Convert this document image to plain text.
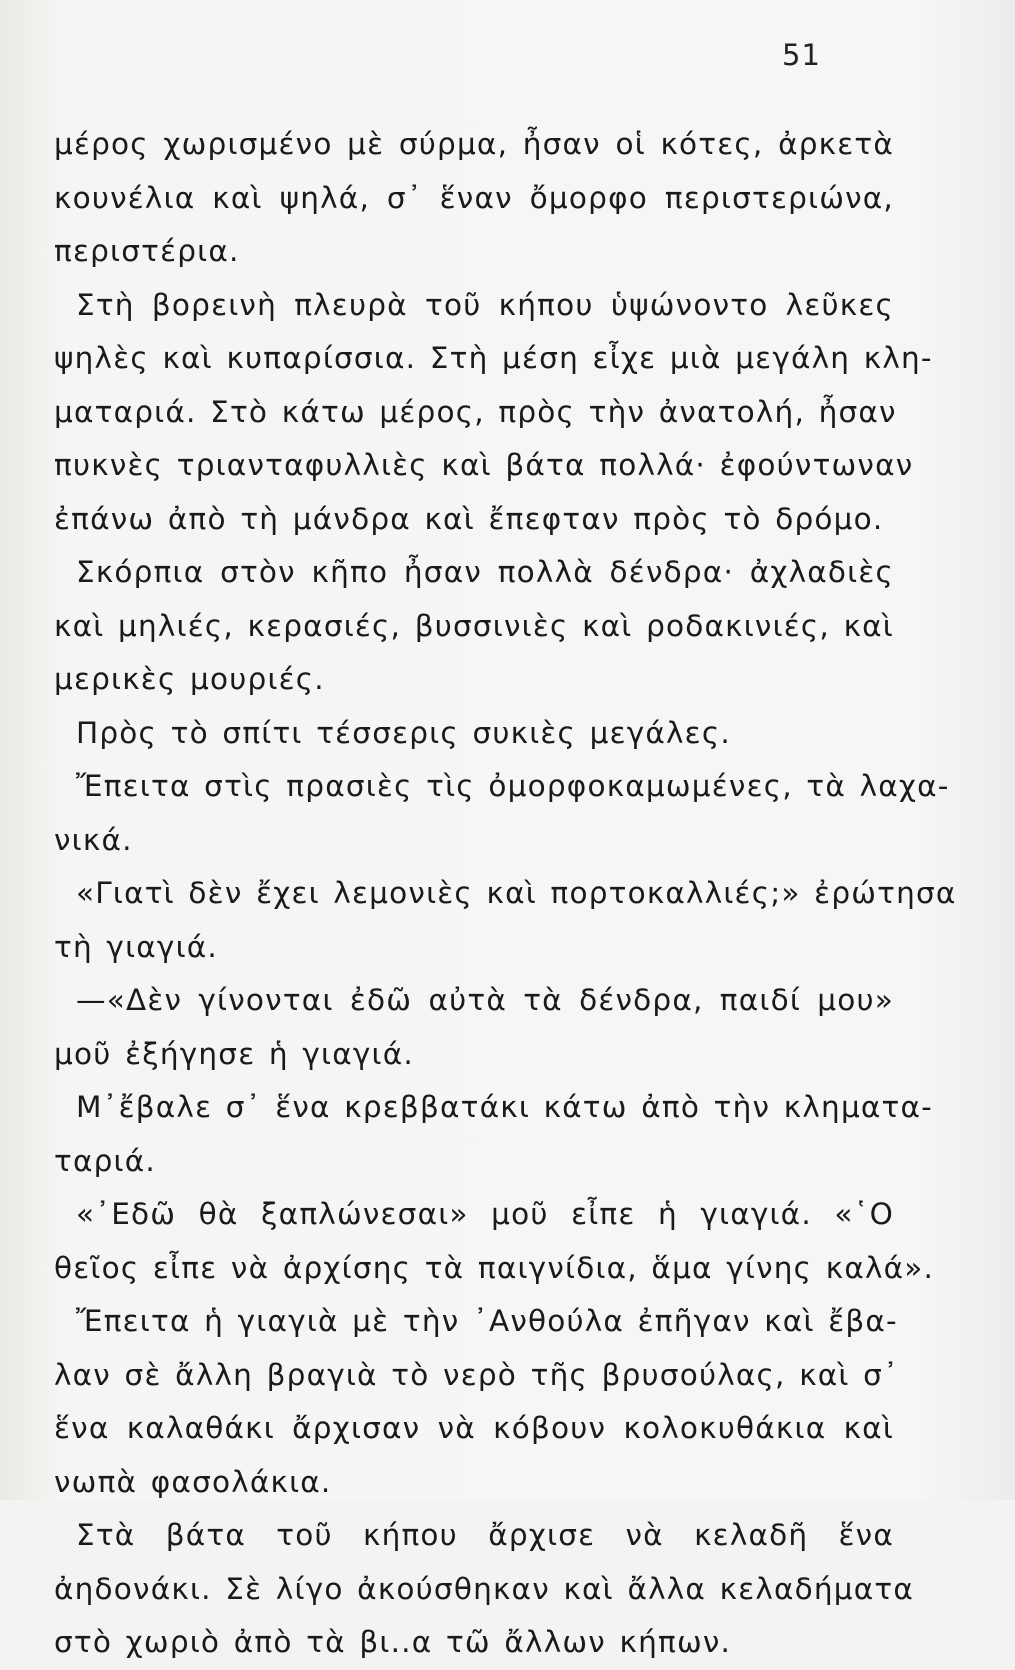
51
μέρος χωρισμένο μὲ σύρμα, ἦσαν οἱ κότες, ἀρκετὰ
κουνέλια καὶ ψηλά, σ᾿ ἕναν ὄμορφο περιστεριώνα,
περιστέρια.
Στὴ βορεινὴ πλευρὰ τοῦ κήπου ὑψώνοντο λεῦκες
ψηλὲς καὶ κυπαρίσσια. Στὴ μέση εἶχε μιὰ μεγάλη κλη-
ματαριά. Στὸ κάτω μέρος, πρὸς τὴν ἀνατολή, ἦσαν
πυκνὲς τριανταφυλλιὲς καὶ βάτα πολλά· ἐφούντωναν
ἐπάνω ἀπὸ τὴ μάνδρα καὶ ἔπεφταν πρὸς τὸ δρόμο.
Σκόρπια στὸν κῆπο ἦσαν πολλὰ δένδρα· ἀχλαδιὲς
καὶ μηλιές, κερασιές, βυσσινιὲς καὶ ροδακινιές, καὶ
μερικὲς μουριές.
Πρὸς τὸ σπίτι τέσσερις συκιὲς μεγάλες.
Ἔπειτα στὶς πρασιὲς τὶς ὀμορφοκαμωμένες, τὰ λαχα-
νικά.
«Γιατὶ δὲν ἔχει λεμονιὲς καὶ πορτοκαλλιές;» ἐρώτησα
τὴ γιαγιά.
—«Δὲν γίνονται ἐδῶ αὐτὰ τὰ δένδρα, παιδί μου»
μοῦ ἐξήγησε ἡ γιαγιά.
Μ᾿ἔβαλε σ᾿ ἕνα κρεββατάκι κάτω ἀπὸ τὴν κληματα-
ταριά.
«᾿Εδῶ θὰ ξαπλώνεσαι» μοῦ εἶπε ἡ γιαγιά. «῾Ο
θεῖος εἶπε νὰ ἀρχίσης τὰ παιγνίδια, ἅμα γίνης καλά».
Ἔπειτα ἡ γιαγιὰ μὲ τὴν ᾿Ανθούλα ἐπῆγαν καὶ ἔβα-
λαν σὲ ἄλλη βραγιὰ τὸ νερὸ τῆς βρυσούλας, καὶ σ᾿
ἕνα καλαθάκι ἄρχισαν νὰ κόβουν κολοκυθάκια καὶ
νωπὰ φασολάκια.
Στὰ βάτα τοῦ κήπου ἄρχισε νὰ κελαδῆ ἕνα
ἀηδονάκι. Σὲ λίγο ἀκούσθηκαν καὶ ἄλλα κελαδήματα
στὸ χωριὸ ἀπὸ τὰ βι..α τῶ ἄλλων κήπων.
